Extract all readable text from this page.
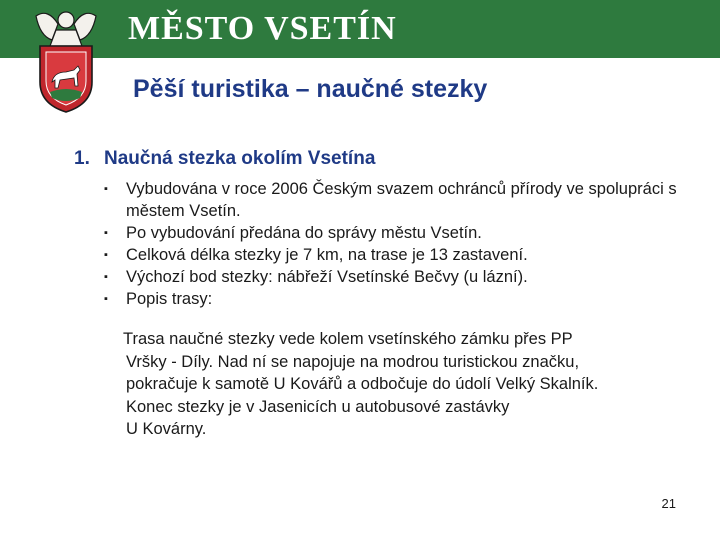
MĚSTO VSETÍN
Pěší turistika – naučné stezky
1. Naučná stezka okolím Vsetína
▪	Vybudována v roce 2006 Českým svazem ochránců přírody ve spolupráci s městem Vsetín.
▪	Po vybudování předána do správy městu Vsetín.
▪	Celková délka stezky je 7 km, na trase je 13 zastavení.
▪	Výchozí bod stezky: nábřeží Vsetínské Bečvy (u lázní).
▪	Popis trasy:
Trasa naučné stezky vede kolem vsetínského zámku přes PP
Vršky - Díly. Nad ní se napojuje na modrou turistickou značku,
pokračuje k samotě U Kovářů a odbočuje do údolí Velký Skalník.
Konec stezky je v Jasenicích u autobusové zastávky
U Kovárny.
21
